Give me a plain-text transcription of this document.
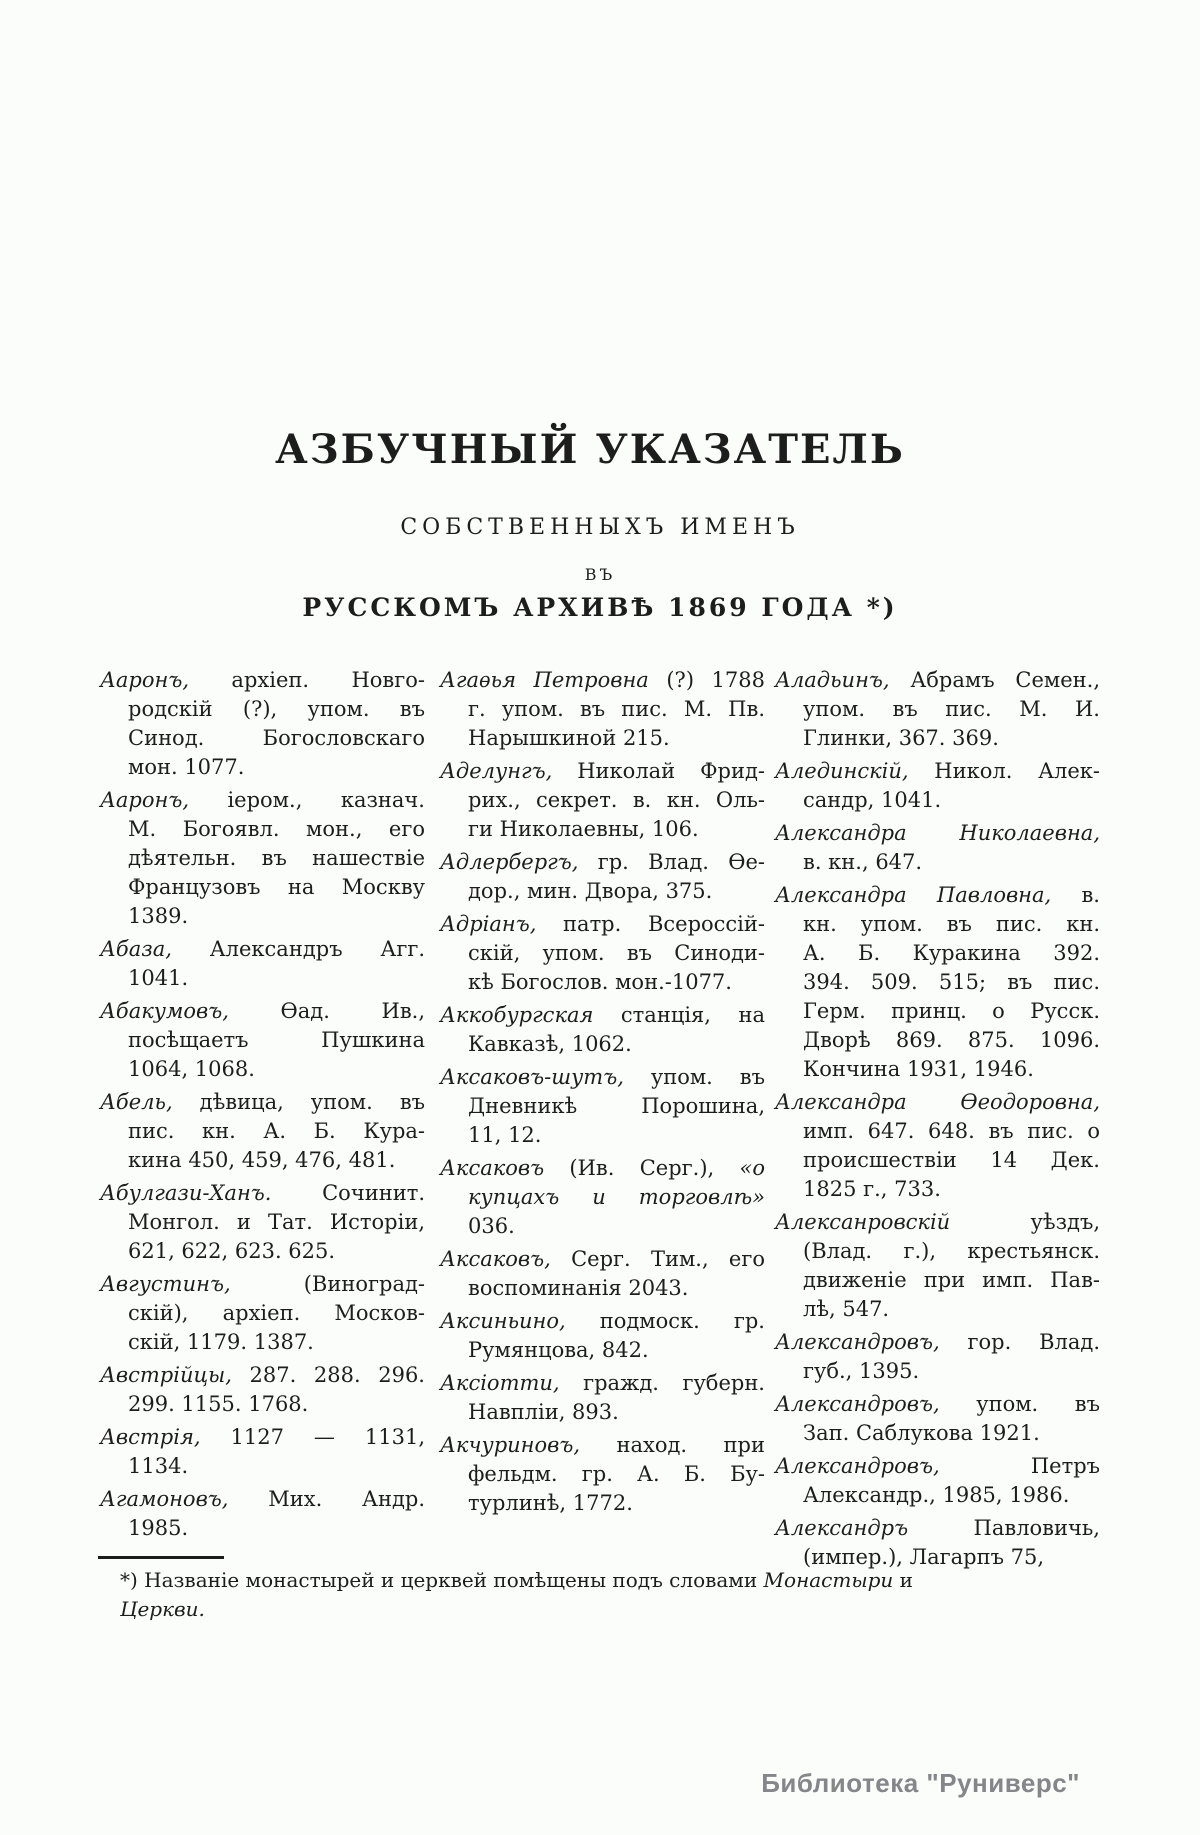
АЗБУЧНЫЙ УКАЗАТЕЛЬ
СОБСТВЕННЫХЪ ИМЕНЪ
ВЪ
РУССКОМЪ АРХИВѢ 1869 ГОДА *)
Ааронъ, архіеп. Новго-
родскій (?), упом. въ
Синод. Богословскаго
мон. 1077.
Ааронъ, іером., казнач.
М. Богоявл. мон., его
дѣятельн. въ нашествіе
Французовъ на Москву
1389.
Абаза, Александръ Агг.
1041.
Абакумовъ, Ѳад. Ив.,
посѣщаетъ Пушкина
1064, 1068.
Абель, дѣвица, упом. въ
пис. кн. А. Б. Кура-
кина 450, 459, 476, 481.
Абулгази-Ханъ. Сочинит.
Монгол. и Тат. Исторіи,
621, 622, 623. 625.
Августинъ, (Виноград-
скій), архіеп. Москов-
скій, 1179. 1387.
Австрійцы, 287. 288. 296.
299. 1155. 1768.
Австрія, 1127 — 1131,
1134.
Агамоновъ, Мих. Андр.
1985.
Агаѳья Петровна (?) 1788
г. упом. въ пис. М. Пв.
Нарышкиной 215.
Аделунгъ, Николай Фрид-
рих., секрет. в. кн. Оль-
ги Николаевны, 106.
Адлербергъ, гр. Влад. Ѳе-
дор., мин. Двора, 375.
Адріанъ, патр. Всероссій-
скій, упом. въ Синоди-
кѣ Богослов. мон.-1077.
Аккобургская станція, на
Кавказѣ, 1062.
Аксаковъ-шутъ, упом. въ
Дневникѣ Порошина,
11, 12.
Аксаковъ (Ив. Серг.), «о
купцахъ и торговлѣ»
036.
Аксаковъ, Серг. Тим., его
воспоминанія 2043.
Аксиньино, подмоск. гр.
Румянцова, 842.
Аксіотти, гражд. губерн.
Навпліи, 893.
Акчуриновъ, наход. при
фельдм. гр. А. Б. Бу-
турлинѣ, 1772.
Аладьинъ, Абрамъ Семен.,
упом. въ пис. М. И.
Глинки, 367. 369.
Алединскій, Никол. Алек-
сандр, 1041.
Александра Николаевна,
в. кн., 647.
Александра Павловна, в.
кн. упом. въ пис. кн.
А. Б. Куракина 392.
394. 509. 515; въ пис.
Герм. принц. о Русск.
Дворѣ 869. 875. 1096.
Кончина 1931, 1946.
Александра Ѳеодоровна,
имп. 647. 648. въ пис. о
происшествіи 14 Дек.
1825 г., 733.
Алексанровскій уѣздъ,
(Влад. г.), крестьянск.
движеніе при имп. Пав-
лѣ, 547.
Александровъ, гор. Влад.
губ., 1395.
Александровъ, упом. въ
Зап. Саблукова 1921.
Александровъ, Петръ
Александр., 1985, 1986.
Александръ Павловичь,
(импер.), Лагарпъ 75,
*) Названіе монастырей и церквей помѣщены подъ словами Монастыри и Церкви.
Библиотека "Руниверс"
